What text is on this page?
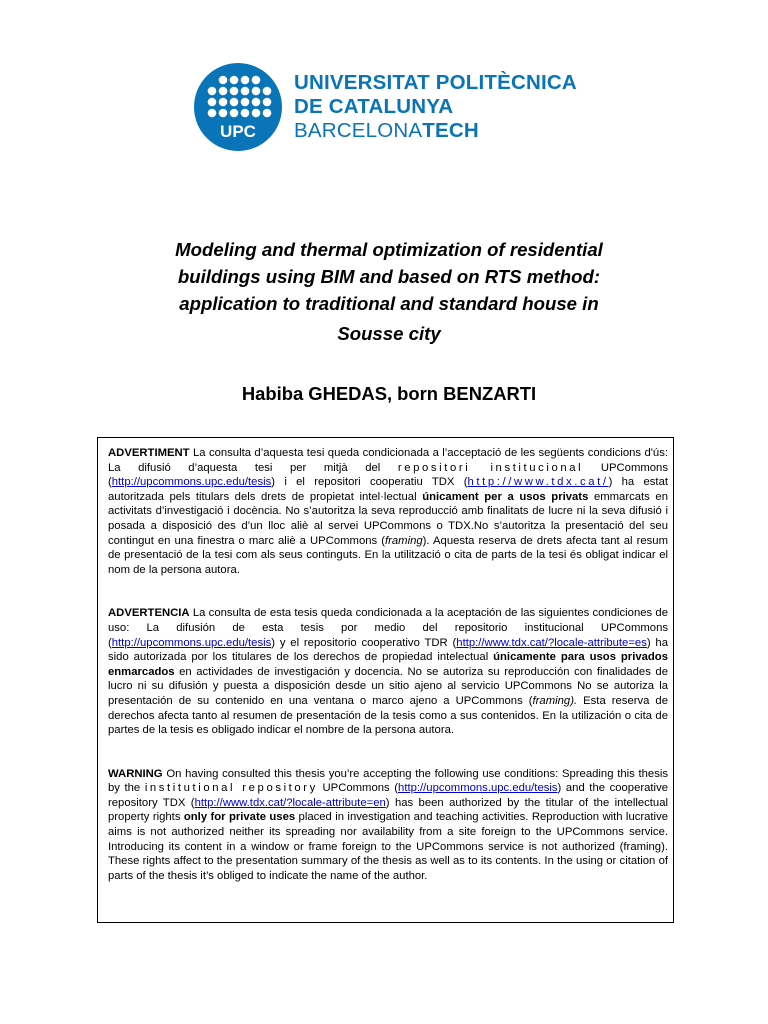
UPC
UNIVERSITAT POLITÈCNICA
DE CATALUNYA
BARCELONATECH
Modeling and thermal optimization of residential
buildings using BIM and based on RTS method:
application to traditional and standard house in
Sousse city
Habiba GHEDAS, born BENZARTI

ADVERTIMENT La consulta d’aquesta tesi queda condicionada a l’acceptació de les següents condicions d'ús: La difusió d’aquesta tesi per mitjà del repositori institucional UPCommons (http://upcommons.upc.edu/tesis) i el repositori cooperatiu TDX (http://www.tdx.cat/) ha estat autoritzada pels titulars dels drets de propietat intel·lectual únicament per a usos privats emmarcats en activitats d’investigació i docència. No s’autoritza la seva reproducció amb finalitats de lucre ni la seva difusió i posada a disposició des d’un lloc aliè al servei UPCommons o TDX.No s’autoritza la presentació del seu contingut en una finestra o marc aliè a UPCommons (framing). Aquesta reserva de drets afecta tant al resum de presentació de la tesi com als seus continguts. En la utilització o cita de parts de la tesi és obligat indicar el nom de la persona autora.

ADVERTENCIA La consulta de esta tesis queda condicionada a la aceptación de las siguientes condiciones de uso: La difusión de esta tesis por medio del repositorio institucional UPCommons (http://upcommons.upc.edu/tesis) y el repositorio cooperativo TDR (http://www.tdx.cat/?locale-attribute=es) ha sido autorizada por los titulares de los derechos de propiedad intelectual únicamente para usos privados enmarcados en actividades de investigación y docencia. No se autoriza su reproducción con finalidades de lucro ni su difusión y puesta a disposición desde un sitio ajeno al servicio UPCommons No se autoriza la presentación de su contenido en una ventana o marco ajeno a UPCommons (framing). Esta reserva de derechos afecta tanto al resumen de presentación de la tesis como a sus contenidos. En la utilización o cita de partes de la tesis es obligado indicar el nombre de la persona autora.

WARNING On having consulted this thesis you’re accepting the following use conditions: Spreading this thesis by the institutional repository UPCommons (http://upcommons.upc.edu/tesis) and the cooperative repository TDX (http://www.tdx.cat/?locale-attribute=en) has been authorized by the titular of the intellectual property rights only for private uses placed in investigation and teaching activities. Reproduction with lucrative aims is not authorized neither its spreading nor availability from a site foreign to the UPCommons service. Introducing its content in a window or frame foreign to the UPCommons service is not authorized (framing). These rights affect to the presentation summary of the thesis as well as to its contents. In the using or citation of parts of the thesis it’s obliged to indicate the name of the author.
